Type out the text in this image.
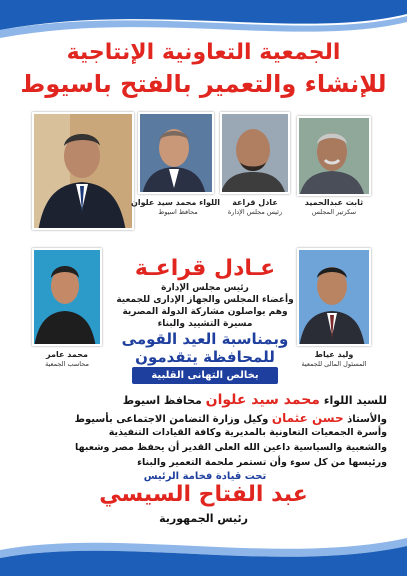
الجمعية التعاونية الإنتاجية
للإنشاء والتعمير بالفتح باسيوط
اللواء محمد سيد علوان
محافظ اسيوط
عادل قراعة
رئيس مجلس الإدارة
ثابت عبدالحميد
سكرتير المجلس
محمد عامر
محاسب الجمعية
وليد عياط
المسئول المالى للجمعية
عـادل قراعـة
رئيس مجلس الإدارة
وأعضاء المجلس والجهاز الإدارى للجمعية
وهم يواصلون مشاركة الدولة المصرية
مسيرة التشييد والبناء
وبمناسبة العيد القومى
للمحافظة يتقدمون
بخالص التهانى القلبية
للسيد اللواء محمد سيد علوان محافظ اسيوط
والأستاذ حسن عثمان وكيل وزارة التضامن الاجتماعى بأسيوط
وأسرة الجمعيات التعاونية بالمديرية وكافة القيادات التنفيذية
والشعبية والسياسية داعين الله العلى القدير أن يحفظ مصر وشعبها
ورئيسها من كل سوء وأن تستمر ملحمة التعمير والبناء
تحت قيادة فخامة الرئيس
عبد الفتاح السيسي
رئيس الجمهورية
